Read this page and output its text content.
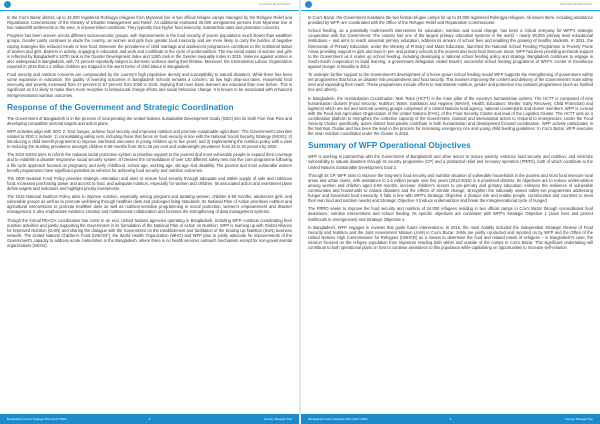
Executive Board Report

In the Cox's Bazar district, up to 34,000 registered Rohingya refugees from Myanmar live in two official refugee camps managed by the Refugee Relief and Repatriation Commissioner of the Ministry of Disaster Management and Relief. An additional estimated 30,000 unregistered persons from Myanmar live in two makeshift settlements in the area, in impoverished conditions. They typically face higher food insecurity, malnutrition rates and protection concerns.

Progress has been uneven across different socioeconomic groups, with improvements in the food security of poorer populations much slower than wealthier groups. Gender parity continues to elude the country, as women and girls face greater food insecurity and are more likely to carry the burden of negative coping strategies like reduced meals or less food. Moreover the prevalence of child marriage and adolescent pregnancies contribute to the nutritional status of women and girls. Barriers in activity, engaging in education and work and contribute to the cycle of undernutrition. The low social status of women and girls is reflected by Bangladesh's 107th rank in the Gender Development Index and 115th rank in the Gender Inequality Index in 2015. Violence against women is also widespread in Bangladesh, with 72 percent reportedly subject to domestic violence during their lifetime. Moreover, the International Labour Organization reported in 2015 that 1.2 million children are trapped in the worst forms of child labour in Bangladesh.

Food security and nutrition concerns are compounded by the country's high population density and susceptibility to natural disasters. While there has been some expansion in education, the quality of learning outcomes in Bangladesh schools remains a concern, as low high drop-out rates. Household food insecurity and poverty increased from 47 percent to 57 percent from 2008 to 2015, implying that more basic learners are educated than ever before. This is significant as it is likely to make them more receptive to behavioural change efforts and social behaviour change. It is known to be associated with enhanced intergenerational nutrition outcomes.

Response of the Government and Strategic Coordination

The Government of Bangladesh is in the process of incorporating the United Nations Sustainable Development Goals (SDG) into its Sixth Five Year Plan and developing compatible sectoral targets and action plans.

WFP activities align with SDG 2, 'End hunger, achieve food security and improved nutrition and promote sustainable agriculture'. The Government's priorities related to SDG 2 include: 1) consolidating safety nets, including those that focus on food security in line with the National Social Security Strategy (NSSS); 2) introducing a child benefit programme to improve nutritional outcomes in young children up to five years; and 3) implementing the nutrition policy with a view to reducing the stunting prevalence amongst children 5-59 months from 36 to 25 per cent and underweight prevalence from 33 to 20 percent by 2020.

The 2015 NSSS aims to reform the national social protection system to prioritise support to the poorest and most vulnerable people to expand their coverage and to establish a disaster responsive social security system. It foresees the consolidation of over 140 different safety nets into five core programme following a life cycle approach focused on pregnancy and early childhood, school age, working age, old age and disability. The poorest and most vulnerable women benefit programmes have significant potential as vehicles for achieving food security and nutrition outcomes.

The 2006 National Food Policy provides strategic orientation and aims to ensure food security through adequate and stable supply of safe and nutritious food, increased purchasing power and access to food, and adequate nutrition, especially for women and children. Its associated action and investment plans define targets and indicators and highlight priority investments.

The 2015 National Nutrition Policy aims to improve nutrition, especially among pregnant and lactating women, children 6-59 months, adolescent girls, and vulnerable groups as well as to promote well-being through healthier diets and prolonged living standards. Its National Plan of Action prioritises nutrition and agricultural interventions to promote healthier diets as well as nutrition-sensitive programming in social protection, women's empowerment and disaster management. It also emphasises evidence creation and multisectoral collaboration and foresees the strengthening of data management systems.

Though the formal REACH coordination has come to an end, United Nations agencies operating in Bangladesh, including WFP, continue coordinating their nutrition activities and jointly supporting the Government in its formulation of the National Plan of Action on Nutrition. WFP is teaming up with Global Alliance for Improved Nutrition (GAIN) and sharing the dialogue with the Government on the establishment and facilitation of the Scaling Up Nutrition (SUN) business network. The United Nations Children's Fund (UNICEF), the World Health Organization (WHO) and WFP plan to jointly advocate for improvements of the Government's capacity to address acute malnutrition in the Bangladesh, where there is no health services outreach mechanism except for non-governmental organizations (NGOs).

Bangladesh Country Strategic Plan (2017-2020)	4	Country Strategic Plan
Executive Board Report

In Cox's Bazar, the Government maintains the two formal refugee camps for up to 34,000 registered Rohingya refugees. All issues there, including assistance provided by WFP, are coordinated with the Office of the Refugee Relief and Repatriation Commissioner.

School feeding, as a potentially multi-benefit intervention for education, nutrition and social change, has been a critical entryway for WFP's strategic cooperation with the Government. The country has one of the largest primary education systems in the world – nearly 90,000 primary level educational institutions – and aims to reach universal primary education, address its arrears of school fees and enabling the growing of healthy students. In 2011, the Directorate of Primary Education, under the Ministry of Primary and Mass Education, launched the National School Feeding Programme in Poverty Prone Areas providing support to girls and boys in pre- and primary schools in the poorest and most food insecure areas. WFP has been providing technical support to the Government as it scales up school feeding, including developing a national school feeding policy and strategy. Bangladesh continues to engage in South-South cooperation to build learning; a government delegation visited Brazil's successful school feeding programme at WFP's Centre of Excellence against Hunger in Brasilia in 2012.

To underpin further support to the Government's development of a home-grown school feeding model WFP supports the strengthening of government safety net programmes that focus on disaster risk preparedness and food security. This involves improving the content and delivery of the Government's main safety nets and expanding their reach. These programmes include efforts to mainstream nutrition, gender and protection into national programmes (such as fortified rice and others).

In Bangladesh, the Humanitarian Coordination Task Team (HCTT) is the main pillar of the country's humanitarian system. The HCTT is composed of nine humanitarian clusters (Food Security; Nutrition; Water, Sanitation and Hygiene (WASH); Health; Education; Shelter; Early Recovery; Child Protection) and logistics) which are led and sectoral working groups comprised of a United Nations lead agency, national counterparts and cluster members. WFP is co-lead with the Food and Agriculture Organization of the United Nations (FAO), of the Food Security Cluster and lead of the Logistics Cluster. The HCTT acts as a coordination platform to strengthen the collective capacity of the Government, national and international actors to respond to emergencies. Under the Food Security Cluster specifically, actors district food panels contribute in both humanitarian and development focused coordination, WFP actively participates in the Nutrition Cluster and has been the lead in the process for increasing emergency rice and young child feeding guidelines. In Cox's Bazar, WFP executes the main nutrition coordinator under the Cluster in 2016.

Summary of WFP Operational Objectives

WFP is working in partnership with the Government of Bangladesh and other actors to reduce poverty, enhance food security and nutrition, and minimize vulnerability to natural disasters through its country programme (CP) and a protracted relief and recovery operation (PRRO), both of which contribute to the United Nations Sustainable Development Goal 2.

Through its CP, WFP aims to improve the long-term food security and nutrition situation of vulnerable households in the poorest and most food insecure rural areas and urban slums, with assistance to 2.6 million people over five years (2012-2016) in 6 prioritised districts. Its objectives are to reduce undernutrition among women and children aged 6-59 months; increase children's access to pre-primary and primary education; enhance the resilience of vulnerable communities and households to natural disasters and the effects of climate change; strengthen the nationally owned safety-net programmes addressing hunger and household food insecurity. It falls in line with WFP's Strategic Objective 2 (reduce risk and enable people, communities and countries to meet their own food and nutrition needs) and Strategic Objective 4 (reduce undernutrition and break the intergenerational cycle of hunger).

The PRRO seeks to improve the food security and nutrition of 24,000 refugees residing in two official camps in Cox's Bazar through unconditional food assistance, nutrition interventions and school feeding. Its specific objectives are consistent with WFP's Strategic Objective 1 (save lives and protect livelihoods in emergencies) and Strategic Objective 4.

In Bangladesh, WFP engages in reviews that guide future interventions. In 2016, the most notably included the Independent Strategic Review of Food Security and Nutrition and the Joint Assessment Mission (JAM) in Cox's Bazar. JAMs are jointly conducted and reported on by WFP and the Office of the United Nations High Commissioner for Refugees (UNHCR) as a means to determine the food and related needs of refugees – in Bangladesh's case, the mission focused on the refugee population from Myanmar residing both within and outside of the camps in Cox's Bazar. This significant undertaking will contribute to both operational plans on how to continue assistance to this population while capitalising on opportunities to increase self-reliance.

Bangladesh Country Strategic Plan (2017-2020)	5	Country Strategic Plan
